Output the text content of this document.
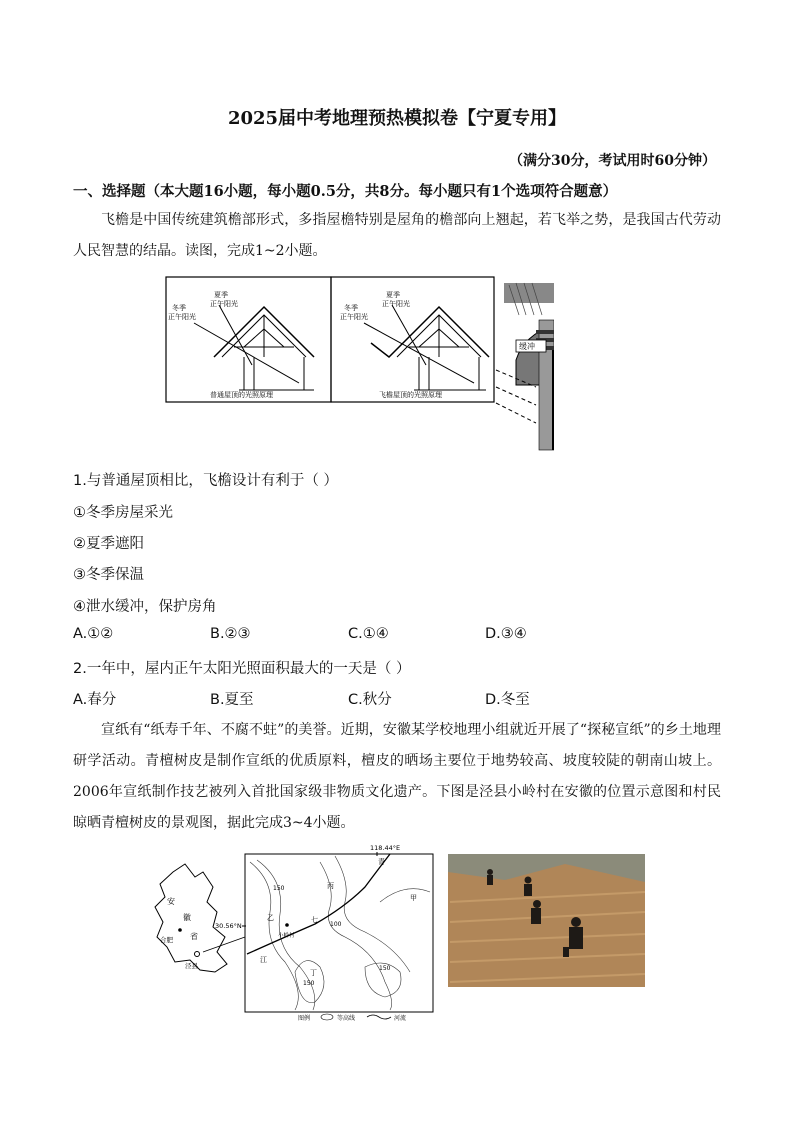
2025届中考地理预热模拟卷【宁夏专用】
（满分30分，考试用时60分钟）
一、选择题（本大题16小题，每小题0.5分，共8分。每小题只有1个选项符合题意）
飞檐是中国传统建筑檐部形式，多指屋檐特别是屋角的檐部向上翘起，若飞举之势，是我国古代劳动人民智慧的结晶。读图，完成1~2小题。
夏季
正午阳光
冬季
正午阳光
普通屋顶的光照原理
夏季
正午阳光
冬季
正午阳光
飞檐屋顶的光照原理
缓冲
1.与普通屋顶相比，飞檐设计有利于（ ）
①冬季房屋采光
②夏季遮阳
③冬季保温
④泄水缓冲，保护房角
A.①②	B.②③	C.①④	D.③④
2.一年中，屋内正午太阳光照面积最大的一天是（ ）
A.春分	B.夏至	C.秋分	D.冬至
宣纸有“纸寿千年、不腐不蛀”的美誉。近期，安徽某学校地理小组就近开展了“探秘宣纸”的乡土地理研学活动。青檀树皮是制作宣纸的优质原料，檀皮的晒场主要位于地势较高、坡度较陡的朝南山坡上。2006年宣纸制作技艺被列入首批国家级非物质文化遗产。下图是泾县小岭村在安徽的位置示意图和村民晾晒青檀树皮的景观图，据此完成3~4小题。
安
徽
省
合肥
泾县
118.44°E
30.56°N
青
丙
甲
乙	七
丁
江
小岭村
150
100
150
150
图例	等高线	河流
